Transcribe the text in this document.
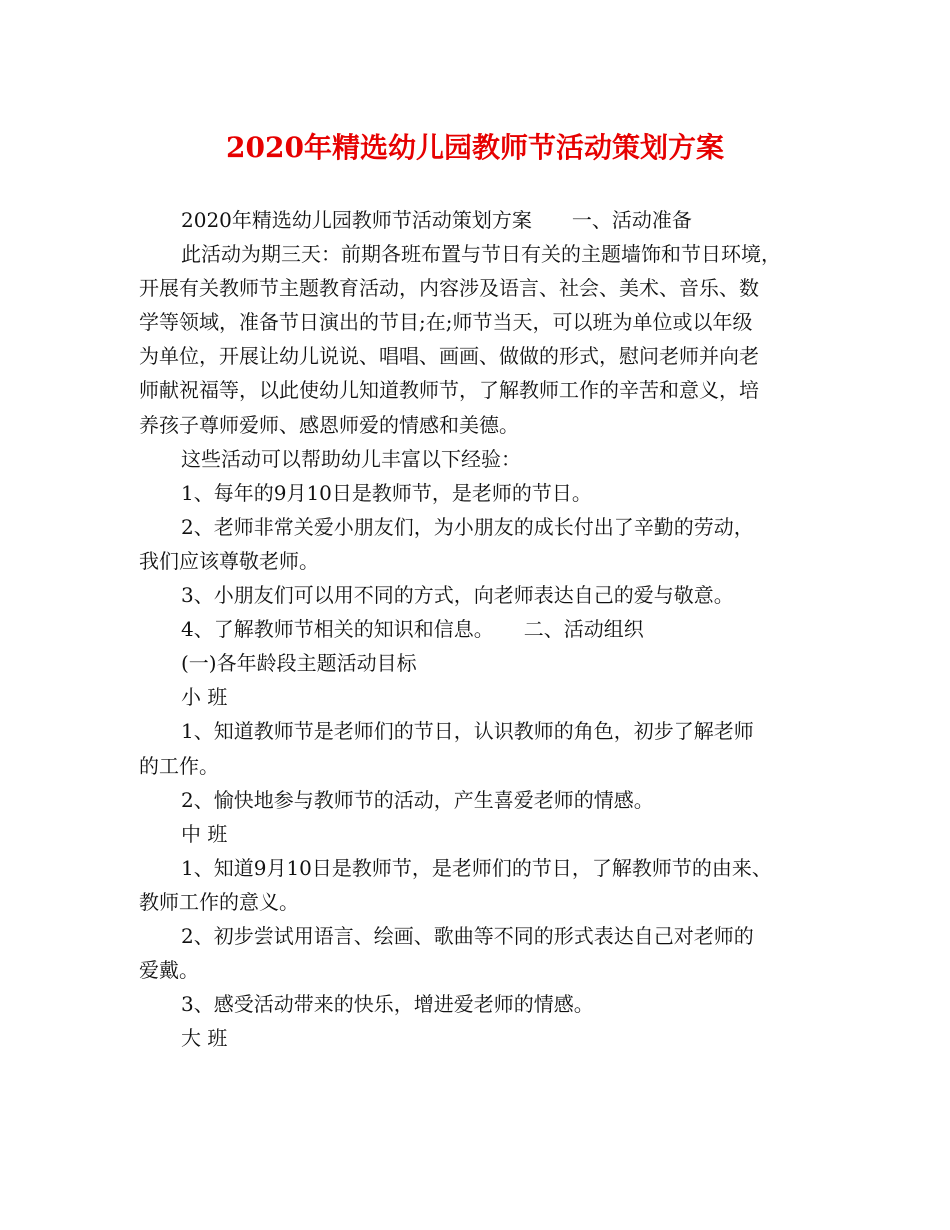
2020年精选幼儿园教师节活动策划方案
2020年精选幼儿园教师节活动策划方案　　一、活动准备
此活动为期三天：前期各班布置与节日有关的主题墙饰和节日环境，
开展有关教师节主题教育活动，内容涉及语言、社会、美术、音乐、数
学等领域，准备节日演出的节目;在;师节当天，可以班为单位或以年级
为单位，开展让幼儿说说、唱唱、画画、做做的形式，慰问老师并向老
师献祝福等，以此使幼儿知道教师节，了解教师工作的辛苦和意义，培
养孩子尊师爱师、感恩师爱的情感和美德。
这些活动可以帮助幼儿丰富以下经验：
1、每年的9月10日是教师节，是老师的节日。
2、老师非常关爱小朋友们，为小朋友的成长付出了辛勤的劳动，
我们应该尊敬老师。
3、小朋友们可以用不同的方式，向老师表达自己的爱与敬意。
4、了解教师节相关的知识和信息。　　二、活动组织
(一)各年龄段主题活动目标
小 班
1、知道教师节是老师们的节日，认识教师的角色，初步了解老师
的工作。
2、愉快地参与教师节的活动，产生喜爱老师的情感。
中 班
1、知道9月10日是教师节，是老师们的节日，了解教师节的由来、
教师工作的意义。
2、初步尝试用语言、绘画、歌曲等不同的形式表达自己对老师的
爱戴。
3、感受活动带来的快乐，增进爱老师的情感。
大 班
